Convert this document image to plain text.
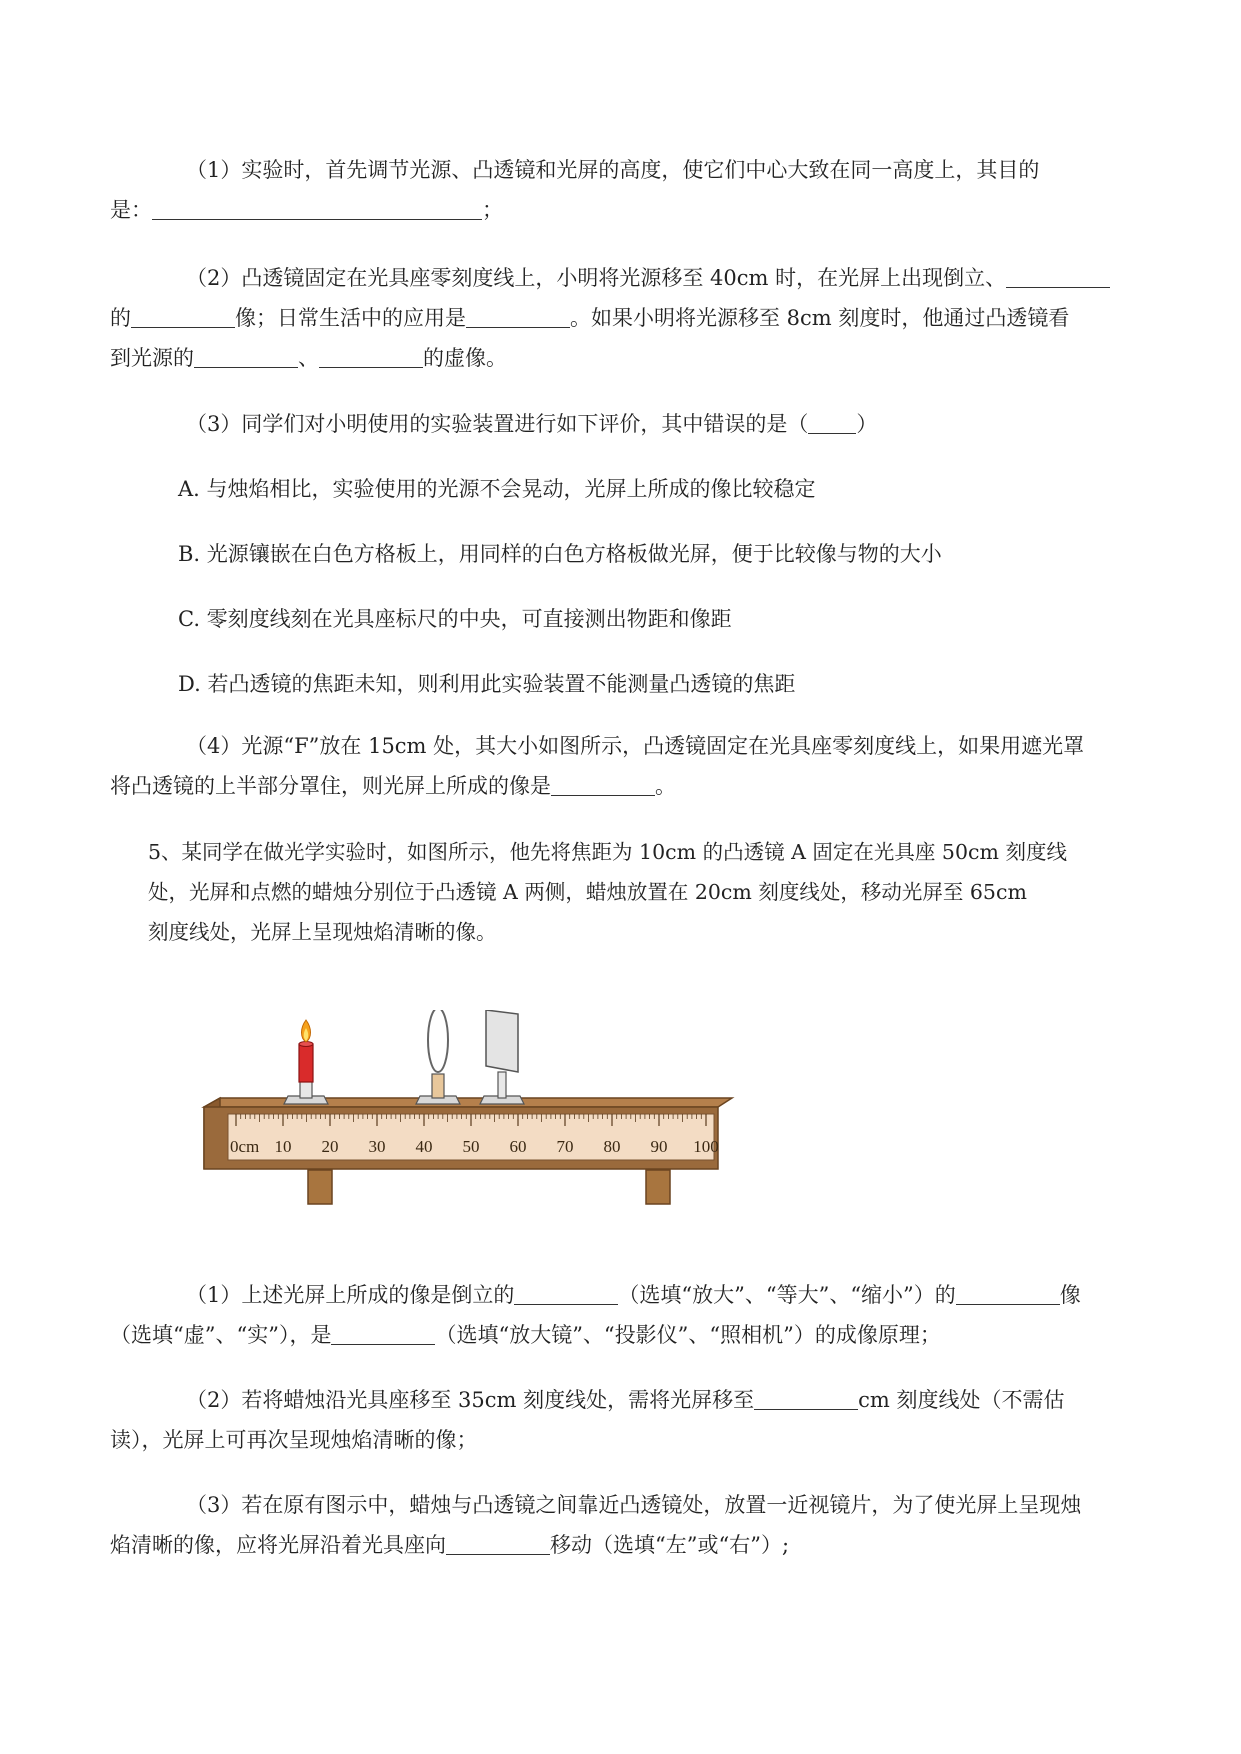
（1）实验时，首先调节光源、凸透镜和光屏的高度，使它们中心大致在同一高度上，其目的
是：	；
（2）凸透镜固定在光具座零刻度线上，小明将光源移至 40cm 时，在光屏上出现倒立、
的	像；日常生活中的应用是	。如果小明将光源移至 8cm 刻度时，他通过凸透镜看
到光源的	、	的虚像。
（3）同学们对小明使用的实验装置进行如下评价，其中错误的是（ ）
A. 与烛焰相比，实验使用的光源不会晃动，光屏上所成的像比较稳定
B. 光源镶嵌在白色方格板上，用同样的白色方格板做光屏，便于比较像与物的大小
C. 零刻度线刻在光具座标尺的中央，可直接测出物距和像距
D. 若凸透镜的焦距未知，则利用此实验装置不能测量凸透镜的焦距
（4）光源“F”放在 15cm 处，其大小如图所示，凸透镜固定在光具座零刻度线上，如果用遮光罩
将凸透镜的上半部分罩住，则光屏上所成的像是	。
5、某同学在做光学实验时，如图所示，他先将焦距为 10cm 的凸透镜 A 固定在光具座 50cm 刻度线
处，光屏和点燃的蜡烛分别位于凸透镜 A 两侧，蜡烛放置在 20cm 刻度线处，移动光屏至 65cm
刻度线处，光屏上呈现烛焰清晰的像。
0cm 10 20 30 40 50 60 70 80 90 100
（1）上述光屏上所成的像是倒立的	（选填“放大”、“等大”、“缩小”）的	像
（选填“虚”、“实”），是	（选填“放大镜”、“投影仪”、“照相机”）的成像原理；
（2）若将蜡烛沿光具座移至 35cm 刻度线处，需将光屏移至	cm 刻度线处（不需估
读），光屏上可再次呈现烛焰清晰的像；
（3）若在原有图示中，蜡烛与凸透镜之间靠近凸透镜处，放置一近视镜片，为了使光屏上呈现烛
焰清晰的像，应将光屏沿着光具座向	移动（选填“左”或“右”）;
